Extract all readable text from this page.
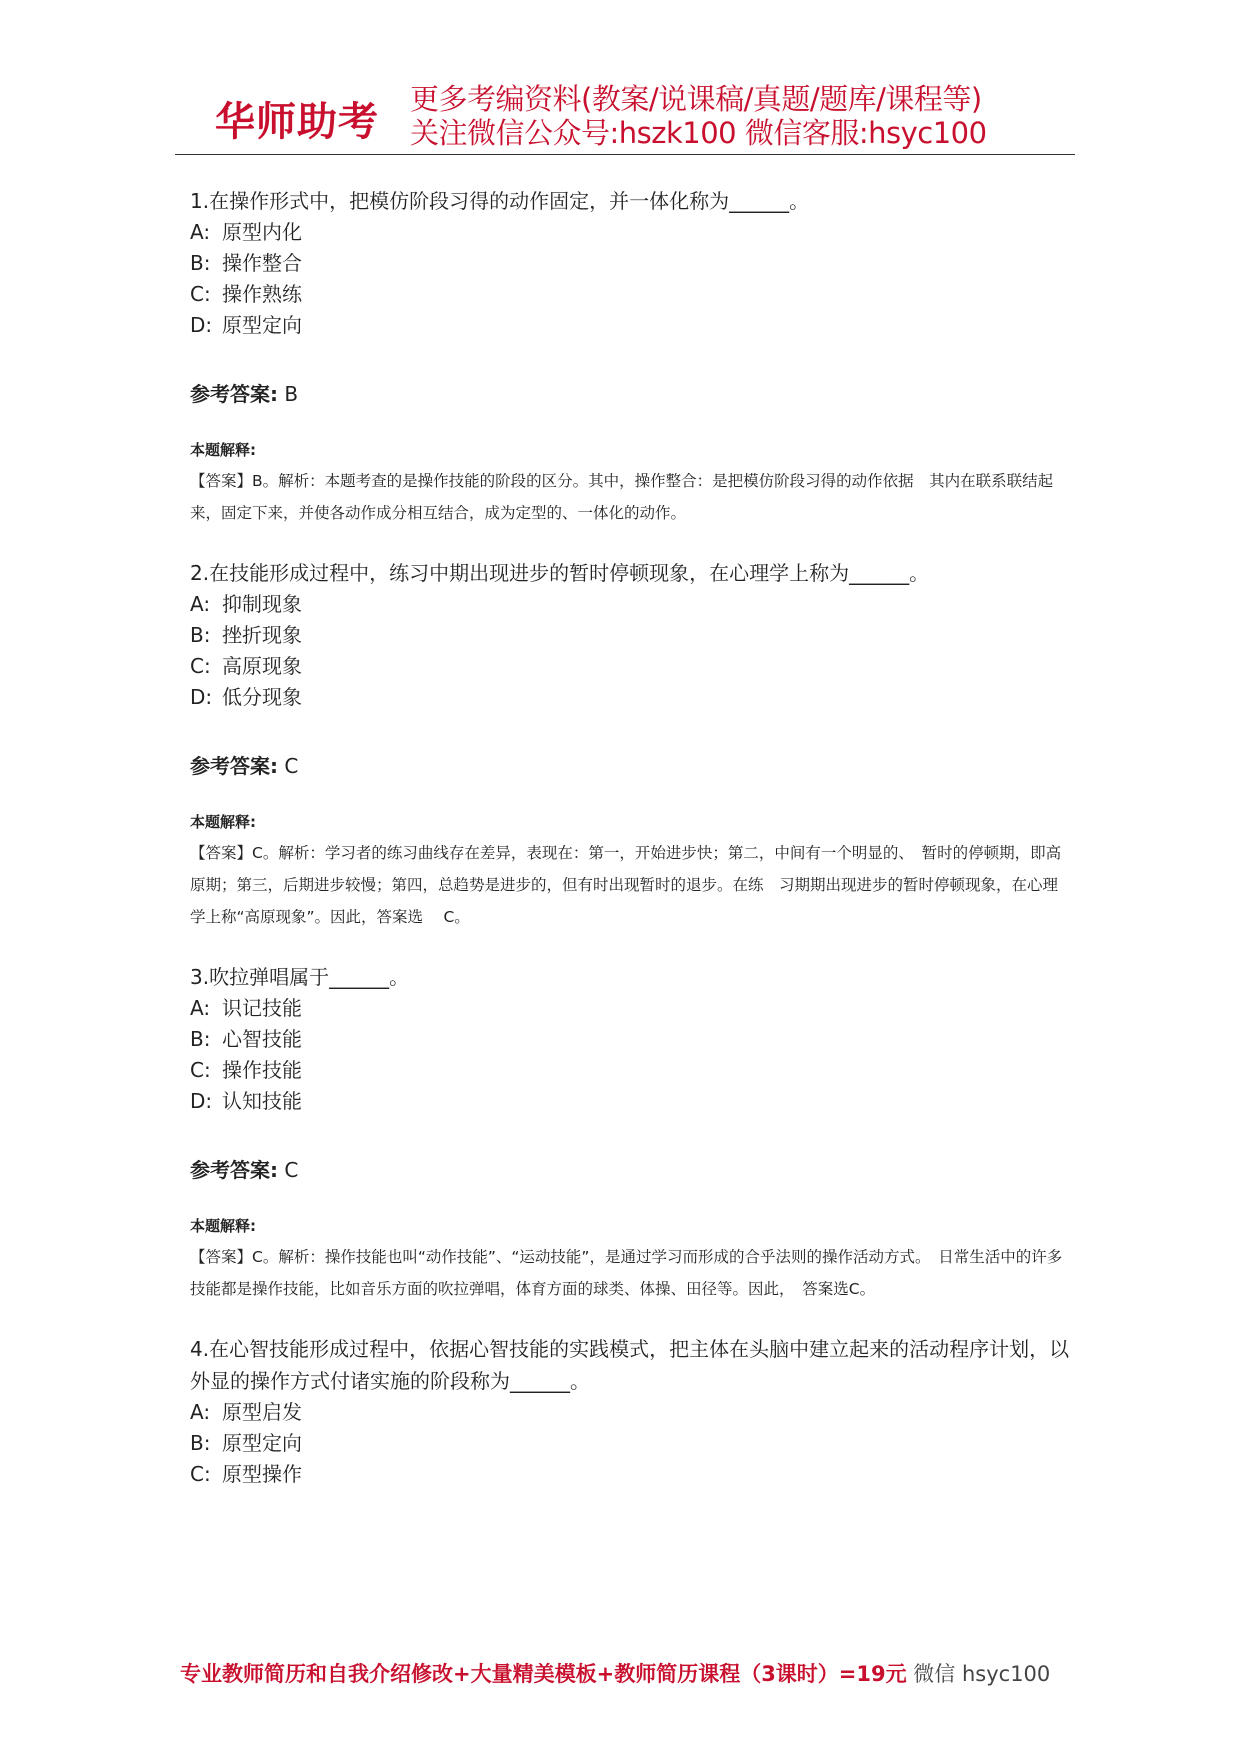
华师助考 更多考编资料(教案/说课稿/真题/题库/课程等)
关注微信公众号:hszk100 微信客服:hsyc100
1.在操作形式中，把模仿阶段习得的动作固定，并一体化称为______。
A: 原型内化
B: 操作整合
C: 操作熟练
D: 原型定向
参考答案: B
本题解释:
【答案】B。解析：本题考查的是操作技能的阶段的区分。其中，操作整合：是把模仿阶段习得的动作依据　其内在联系联结起来，固定下来，并使各动作成分相互结合，成为定型的、一体化的动作。
2.在技能形成过程中，练习中期出现进步的暂时停顿现象，在心理学上称为______。
A: 抑制现象
B: 挫折现象
C: 高原现象
D: 低分现象
参考答案: C
本题解释:
【答案】C。解析：学习者的练习曲线存在差异，表现在：第一，开始进步快；第二，中间有一个明显的、　暂时的停顿期，即高原期；第三，后期进步较慢；第四，总趋势是进步的，但有时出现暂时的退步。在练　习期期出现进步的暂时停顿现象，在心理学上称“高原现象”。因此，答案选　 C。
3.吹拉弹唱属于______。
A: 识记技能
B: 心智技能
C: 操作技能
D: 认知技能
参考答案: C
本题解释:
【答案】C。解析：操作技能也叫“动作技能”、“运动技能”，是通过学习而形成的合乎法则的操作活动方式。　日常生活中的许多技能都是操作技能，比如音乐方面的吹拉弹唱，体育方面的球类、体操、田径等。因此，　答案选C。
4.在心智技能形成过程中，依据心智技能的实践模式，把主体在头脑中建立起来的活动程序计划，以外显的操作方式付诸实施的阶段称为______。
A: 原型启发
B: 原型定向
C: 原型操作
专业教师简历和自我介绍修改+大量精美模板+教师简历课程（3课时）=19元 微信 hsyc100
